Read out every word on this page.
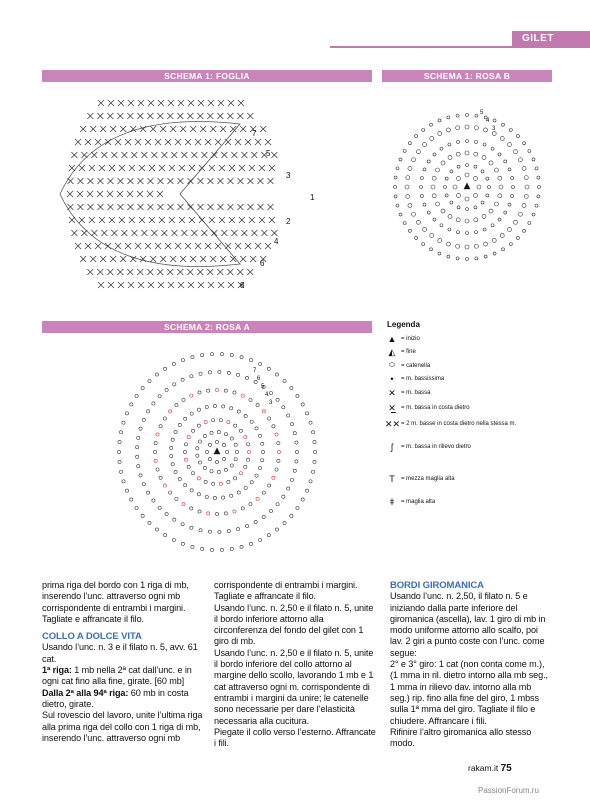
GILET
SCHEMA 1: FOGLIA	SCHEMA 1: ROSA B
SCHEMA 2: ROSA A
7
5
3
1
2
4
6
8
5
4
3
7
6
5
4
3
Legenda
▲ = inizio
◭ = fine
⬭	= catenella
•	= m. bassissima
✕ = m. bassa
✕̲ = m. bassa in costa dietro
✕✕ = 2 m. basse in costa dietro nella stessa m.
ʃ	= m. bassa in rilievo dietro
T	= mezza maglia alta
ǂ	= maglia alta

prima riga del bordo con 1 riga di mb, inserendo l’unc. attraverso ogni mb corrispondente di entrambi i margini. Tagliate e affrancate il filo.

COLLO A DOLCE VITA

Usando l’unc. n. 3 e il filato n. 5, avv. 61 cat.

1ª riga: 1 mb nella 2ª cat dall’unc. e in ogni cat fino alla fine, girate. [60 mb]

Dalla 2ª alla 94ª riga: 60 mb in costa dietro, girate.

Sul rovescio del lavoro, unite l’ultima riga alla prima riga del collo con 1 riga di mb, inserendo l’unc. attraverso ogni mb

corrispondente di entrambi i margini. Tagliate e affrancate il filo.

Usando l’unc. n. 2,50 e il filato n. 5, unite il bordo inferiore attorno alla circonferenza del fondo del gilet con 1 giro di mb.

Usando l’unc. n. 2,50 e il filato n. 5, unite il bordo inferiore del collo attorno al margine dello scollo, lavorando 1 mb e 1 cat attraverso ogni m. corrispondente di entrambi i margini da unire; le catenelle sono necessarie per dare l’elasticità necessaria alla cucitura.

Piegate il collo verso l’esterno. Affrancate i fili.

BORDI GIROMANICA

Usando l’unc. n. 2,50, il filato n. 5 e iniziando dalla parte inferiore del giromanica (ascella), lav. 1 giro di mb in modo uniforme attorno allo scalfo, poi lav. 2 giri a punto coste con l’unc. come segue:

2° e 3° giro: 1 cat (non conta come m.), (1 mma in ril. dietro intorno alla mb seg., 1 mma in rilievo dav. intorno alla mb seg.) rip. fino alla fine del giro, 1 mbss sulla 1ª mma del giro. Tagliate il filo e chiudere. Affrancare i fili.

Rifinire l’altro giromanica allo stesso modo.

rakam.it 75
PassionForum.ru
